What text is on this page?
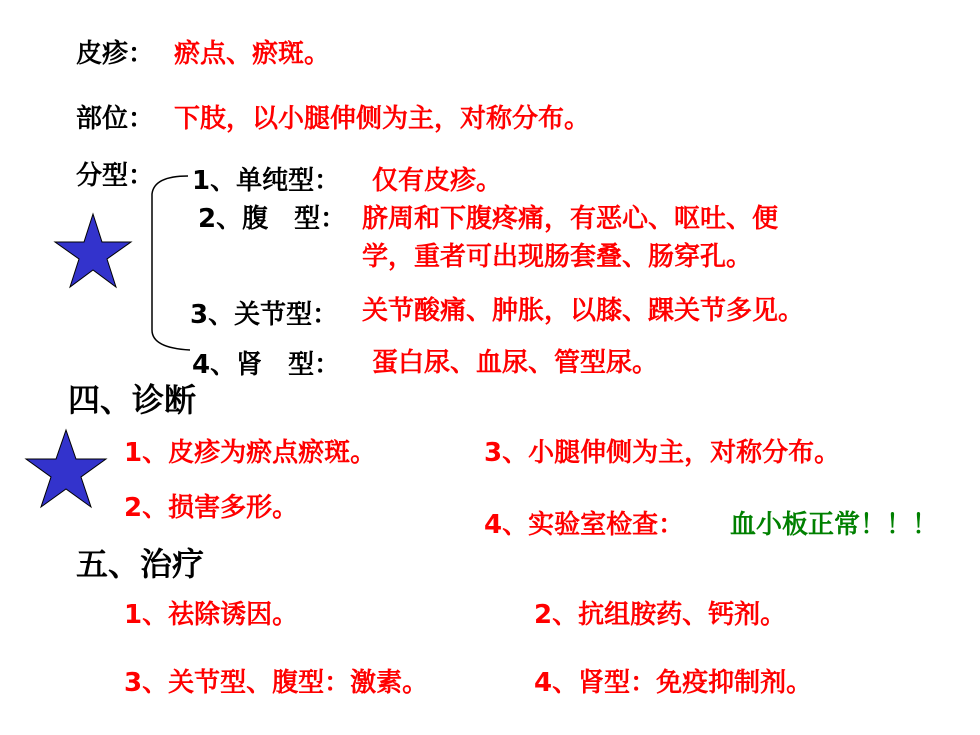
皮疹： 瘀点、瘀斑。
部位： 下肢，以小腿伸侧为主，对称分布。
分型： 1、单纯型： 仅有皮疹。
2、腹　型： 脐周和下腹疼痛，有恶心、呕吐、便
学，重者可出现肠套叠、肠穿孔。
3、关节型： 关节酸痛、肿胀，以膝、踝关节多见。
4、肾　型： 蛋白尿、血尿、管型尿。
四、诊断
1、皮疹为瘀点瘀斑。
2、损害多形。
3、小腿伸侧为主，对称分布。
4、实验室检查： 血小板正常！！！
五、治疗
1、祛除诱因。	2、抗组胺药、钙剂。
3、关节型、腹型：激素。	4、肾型：免疫抑制剂。
